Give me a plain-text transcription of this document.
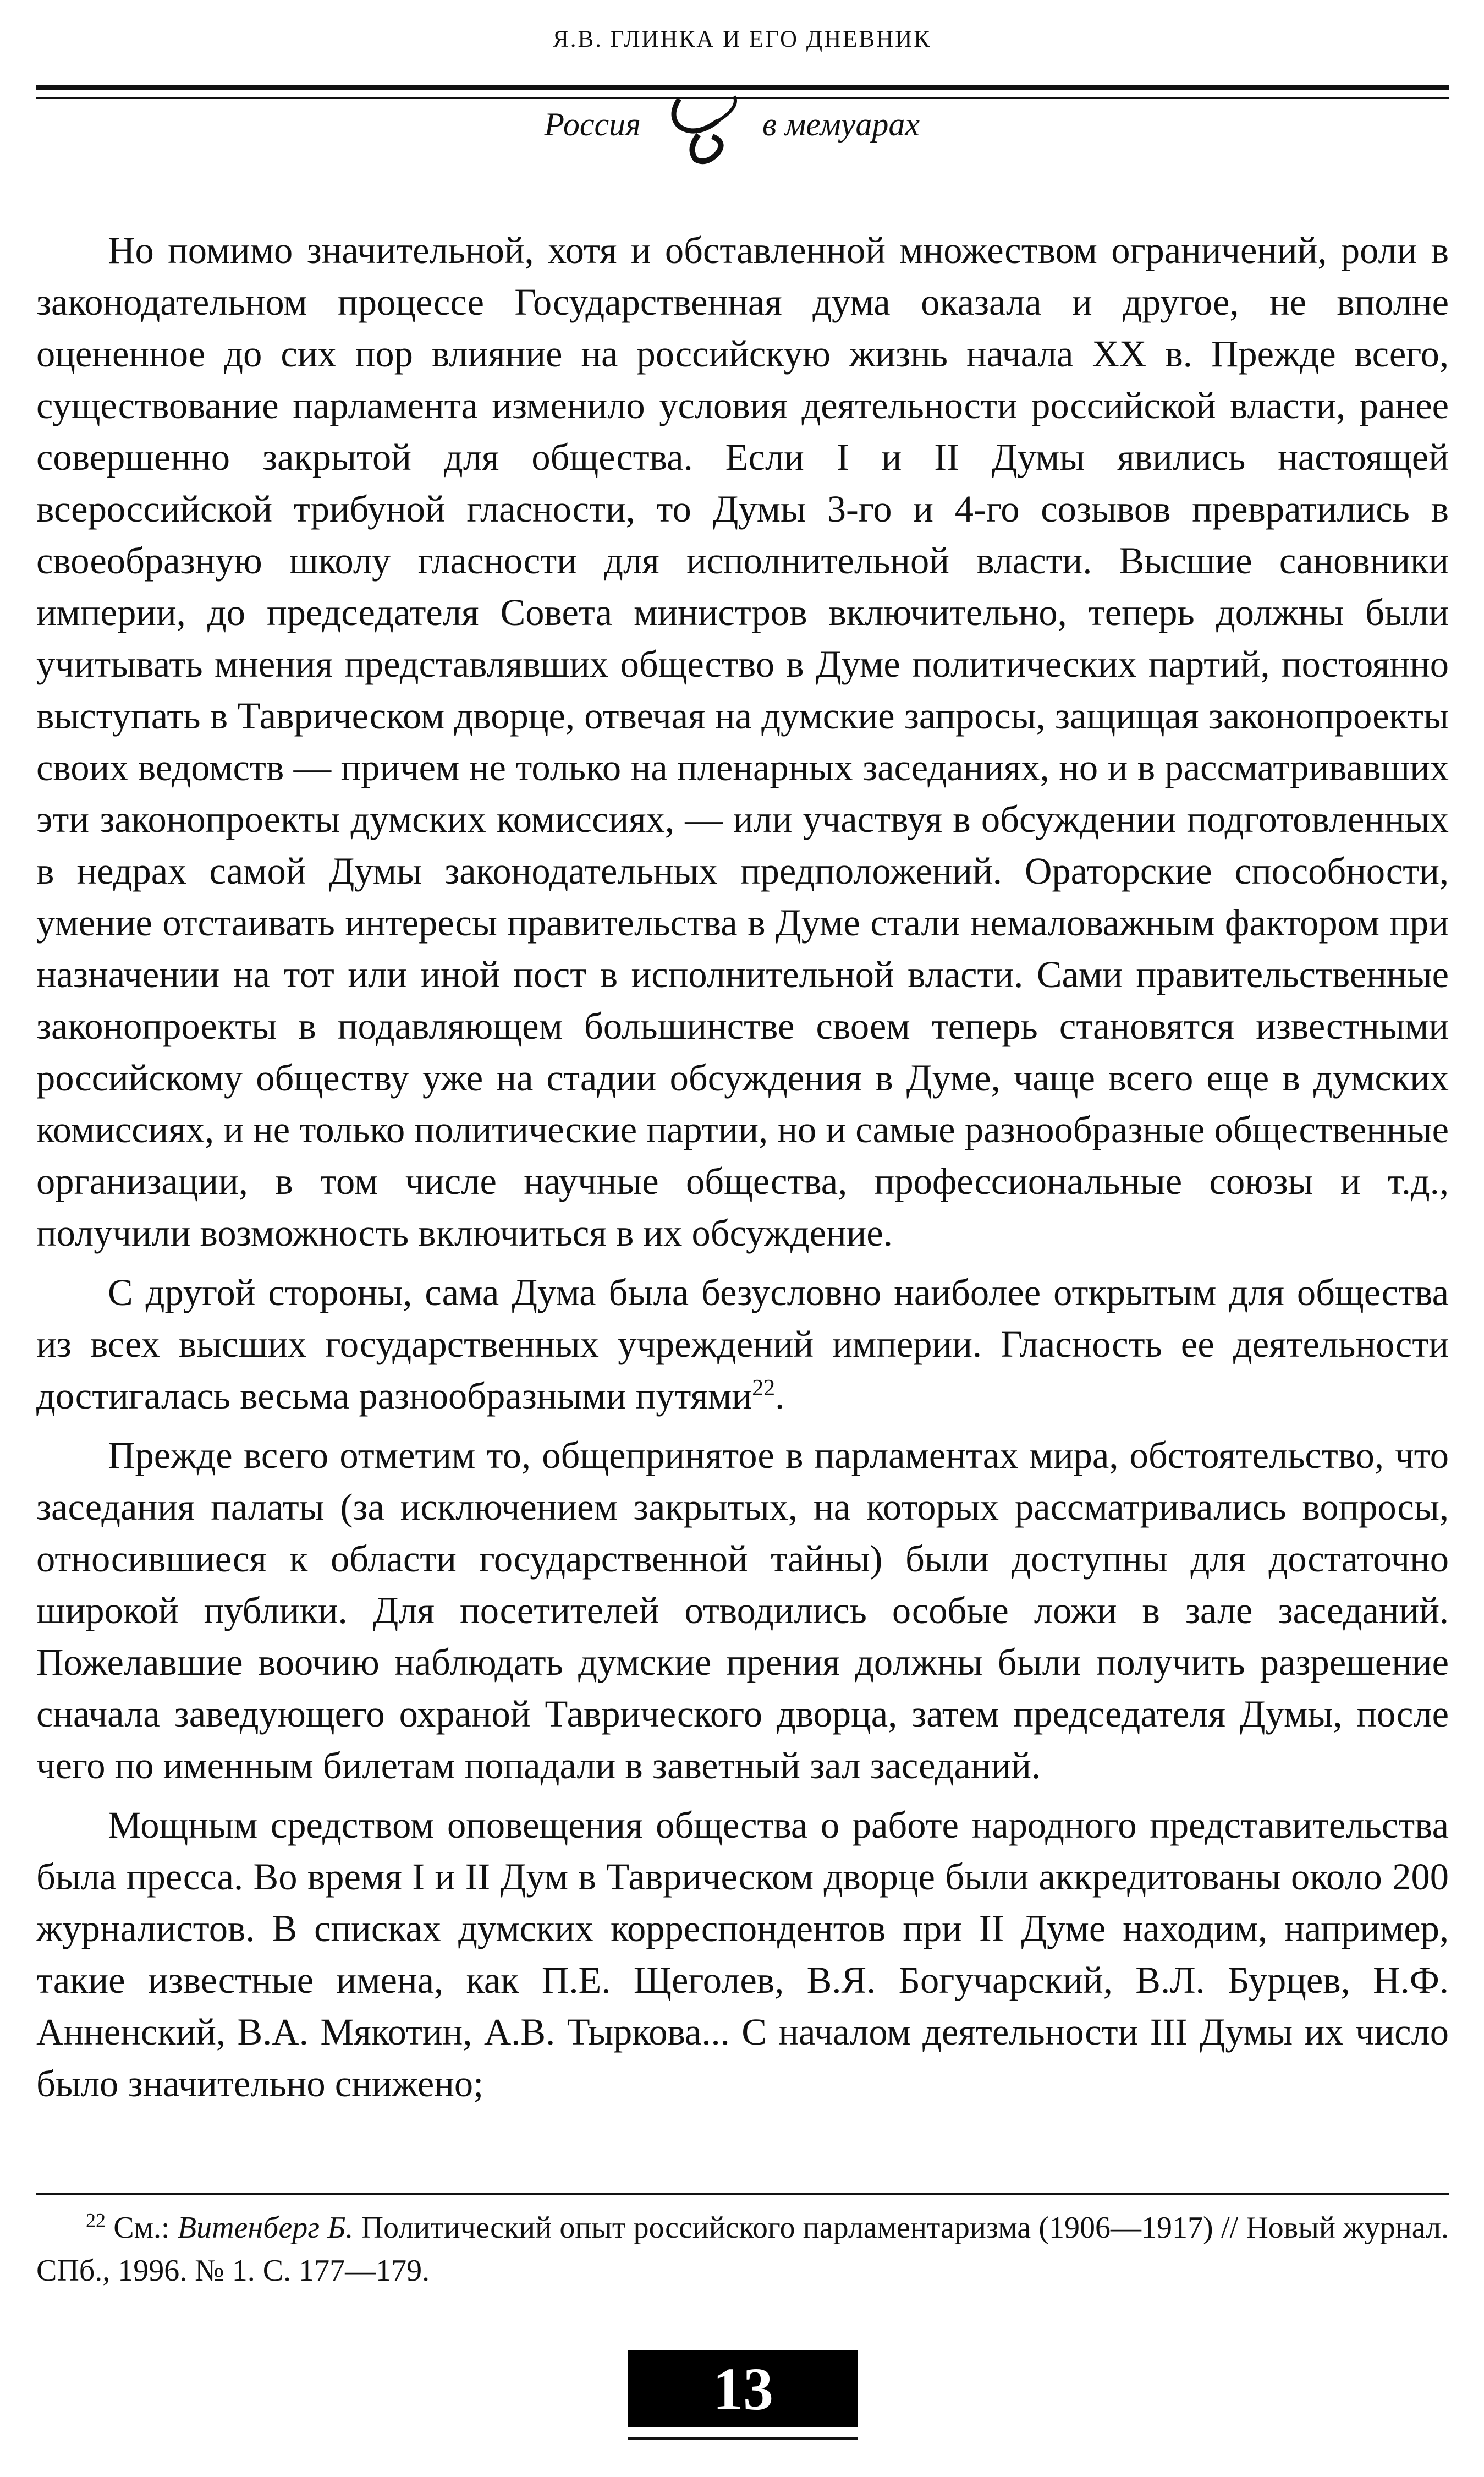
Я.В. ГЛИНКА И ЕГО ДНЕВНИК
Россия	в мемуарах

Но помимо значительной, хотя и обставленной множеством ограничений, роли в законодательном процессе Государственная дума оказала и другое, не вполне оцененное до сих пор влияние на российскую жизнь начала XX в. Прежде всего, существование парламента изменило условия деятельности российской власти, ранее совершенно закрытой для общества. Если I и II Думы явились настоящей всероссийской трибуной гласности, то Думы 3-го и 4-го созывов превратились в своеобразную школу гласности для исполнительной власти. Высшие сановники империи, до председателя Совета министров включительно, теперь должны были учитывать мнения представлявших общество в Думе политических партий, постоянно выступать в Таврическом дворце, отвечая на думские запросы, защищая законопроекты своих ведомств — причем не только на пленарных заседаниях, но и в рассматривавших эти законопроекты думских комиссиях, — или участвуя в обсуждении подготовленных в недрах самой Думы законодательных предположений. Ораторские способности, умение отстаивать интересы правительства в Думе стали немаловажным фактором при назначении на тот или иной пост в исполнительной власти. Сами правительственные законопроекты в подавляющем большинстве своем теперь становятся известными российскому обществу уже на стадии обсуждения в Думе, чаще всего еще в думских комиссиях, и не только политические партии, но и самые разнообразные общественные организации, в том числе научные общества, профессиональные союзы и т.д., получили возможность включиться в их обсуждение.

С другой стороны, сама Дума была безусловно наиболее открытым для общества из всех высших государственных учреждений империи. Гласность ее деятельности достигалась весьма разнообразными путями$^{22}$.

Прежде всего отметим то, общепринятое в парламентах мира, обстоятельство, что заседания палаты (за исключением закрытых, на которых рассматривались вопросы, относившиеся к области государственной тайны) были доступны для достаточно широкой публики. Для посетителей отводились особые ложи в зале заседаний. Пожелавшие воочию наблюдать думские прения должны были получить разрешение сначала заведующего охраной Таврического дворца, затем председателя Думы, после чего по именным билетам попадали в заветный зал заседаний.

Мощным средством оповещения общества о работе народного представительства была пресса. Во время I и II Дум в Таврическом дворце были аккредитованы около 200 журналистов. В списках думских корреспондентов при II Думе находим, например, такие известные имена, как П.Е. Щеголев, В.Я. Богучарский, В.Л. Бурцев, Н.Ф. Анненский, В.А. Мякотин, А.В. Тыркова... С началом деятельности III Думы их число было значительно снижено;

$^{22}$ См.: Витенберг Б. Политический опыт российского парламентаризма (1906—1917) // Новый журнал. СПб., 1996. № 1. С. 177—179.

13
